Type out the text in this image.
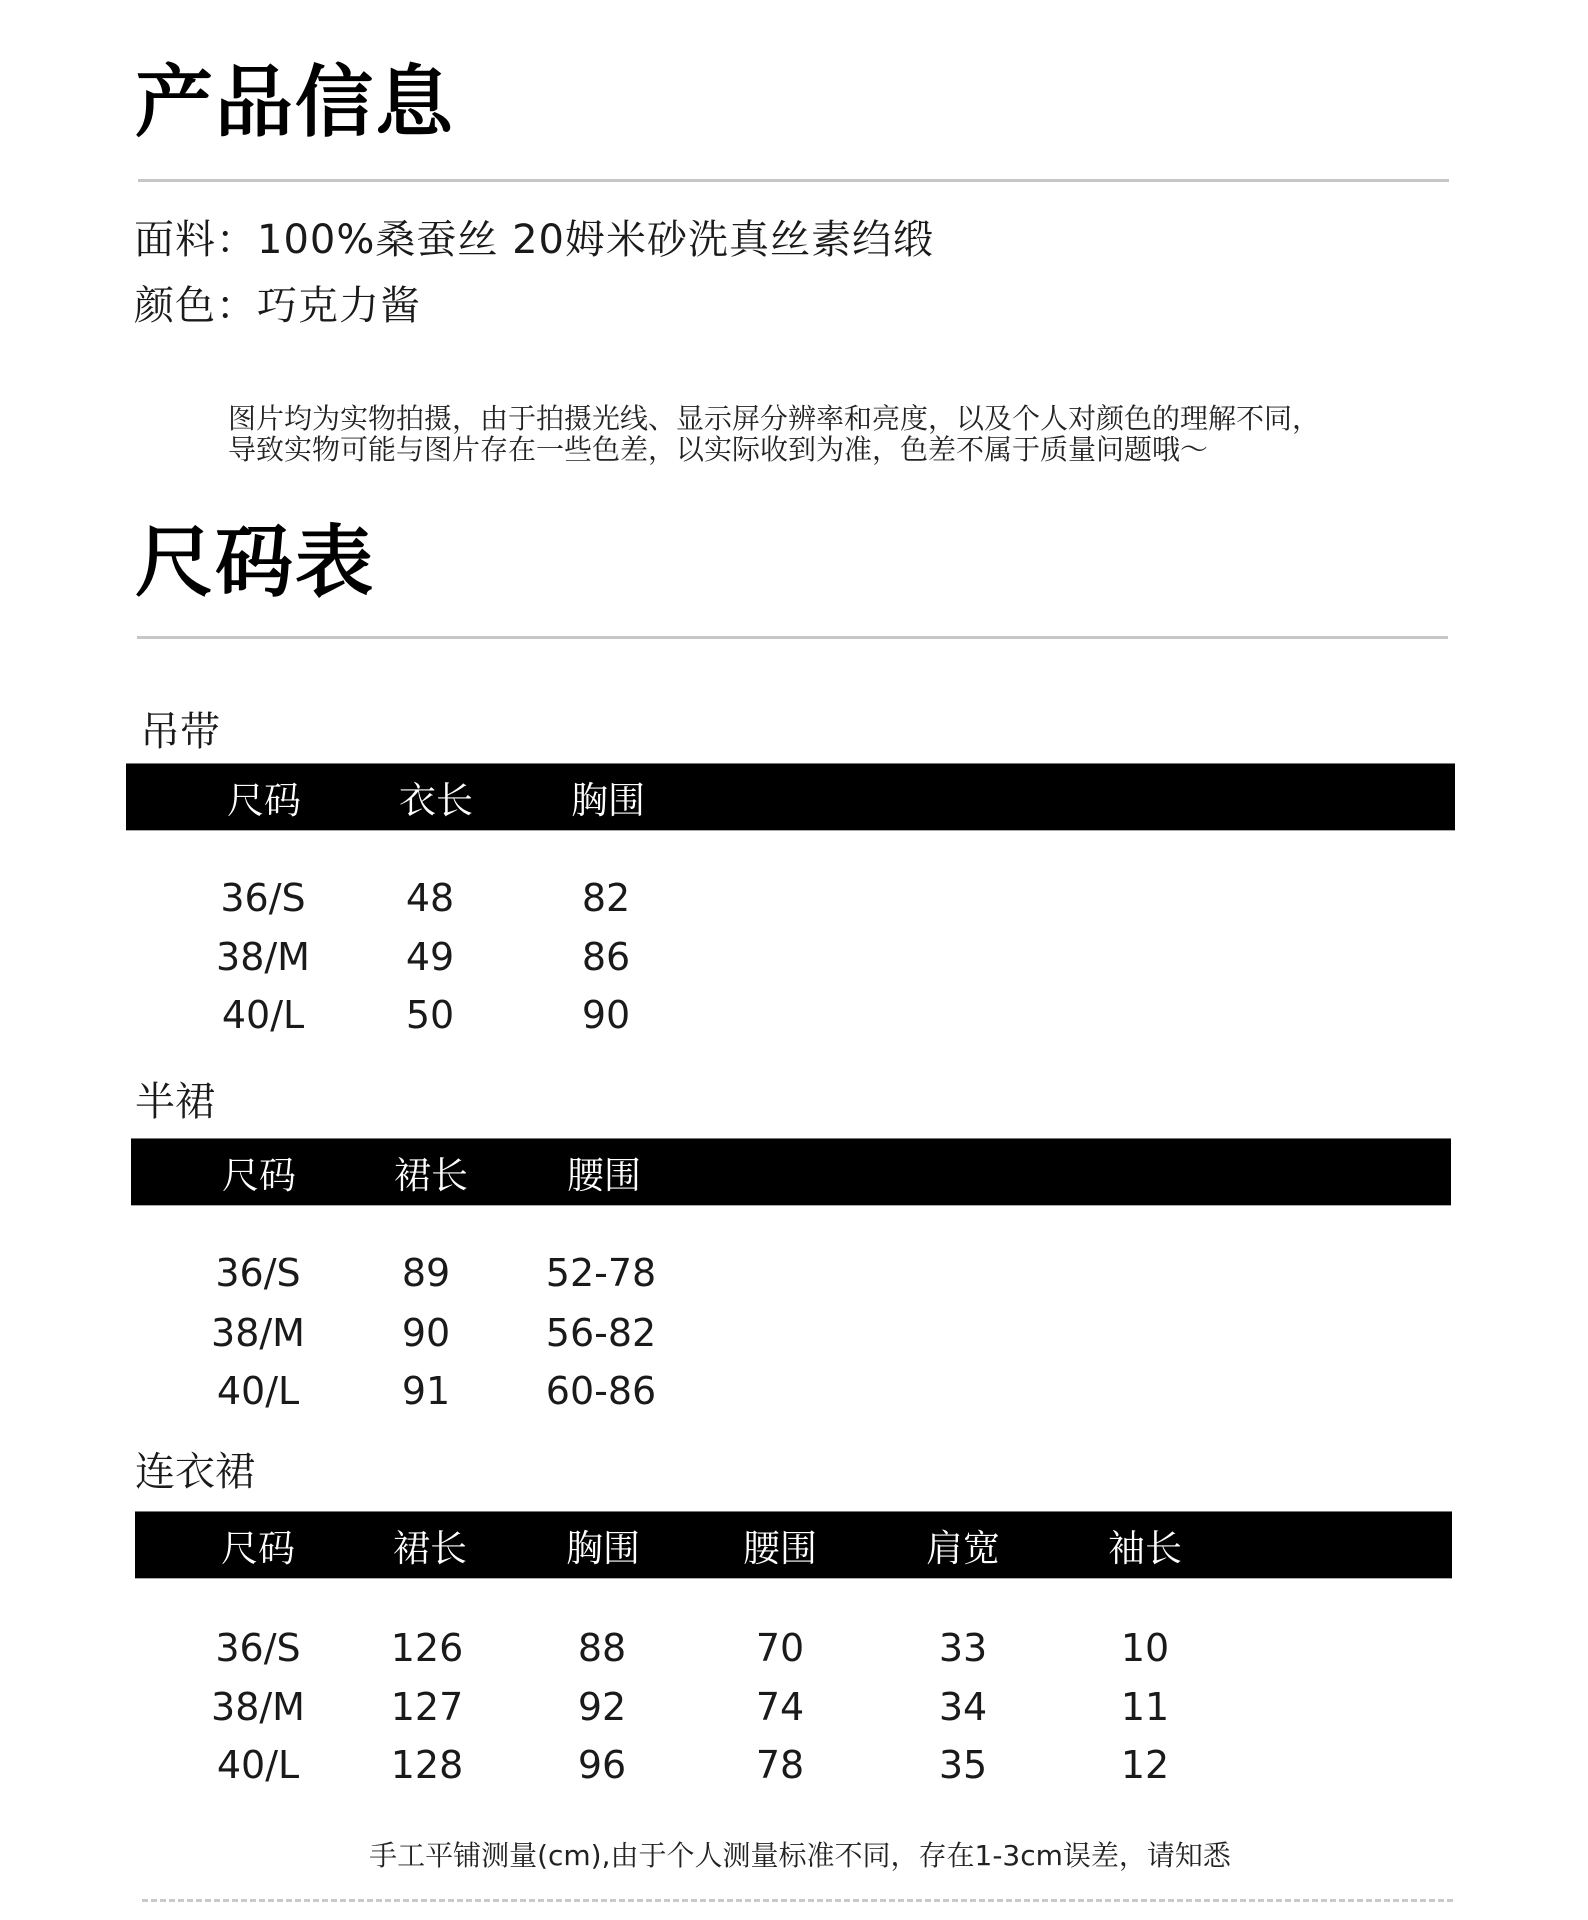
产品信息
面料：100%桑蚕丝 20姆米砂洗真丝素绉缎
颜色：巧克力酱
图片均为实物拍摄，由于拍摄光线、显示屏分辨率和亮度，以及个人对颜色的理解不同，
导致实物可能与图片存在一些色差，以实际收到为准，色差不属于质量问题哦～
尺码表
吊带
尺码	衣长	胸围
36/S	48	82
38/M	49	86
40/L	50	90
半裙
尺码	裙长	腰围
36/S	89	52-78
38/M	90	56-82
40/L	91	60-86
连衣裙
尺码	裙长	胸围	腰围	肩宽	袖长
36/S 126	88	70	33	10
38/M 127	92	74	34	11
40/L 128	96	78	35	12
手工平铺测量(cm),由于个人测量标准不同，存在1-3cm误差，请知悉
